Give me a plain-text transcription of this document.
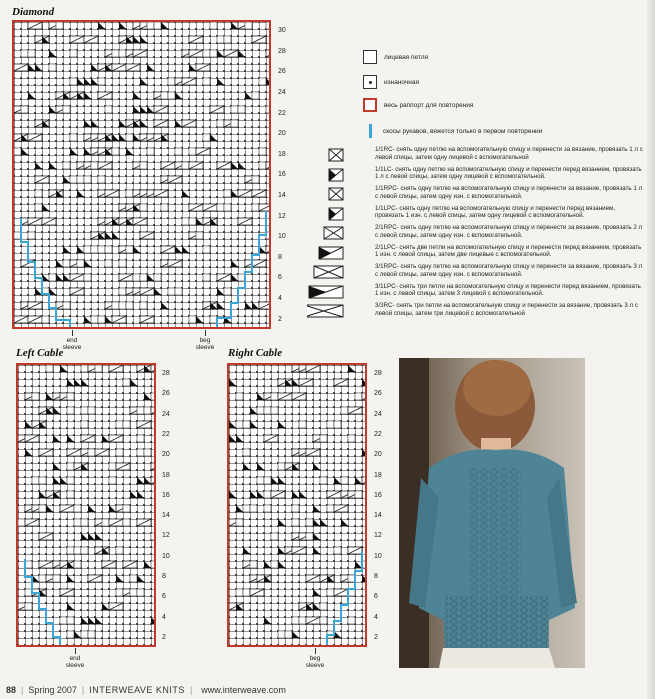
Diamond
30
28
26
24
22
20
18
16
14
12
10
8
6
4
2
end
sleeve
beg
sleeve
Left Cable
28
26
24
22
20
18
16
14
12
10
8
6
4
2
end
sleeve
Right Cable
28
26
24
22
20
18
16
14
12
10
8
6
4
2
beg
sleeve
лицевая петля
изнаночная
весь раппорт для повторения
скосы рукавов, вяжется только в первом повторении
1/1RC- снять одну петлю на вспомогательную спицу и перенести за вязание, провязать 1 л с левой спицы, затем одну лицевой с вспомогательной
1/1LC- снять одну петлю на вспомогательную спицу и перенести перед вязанием, провязать 1 л с левой спицы, затем одну лицевой с вспомогательной.
1/1RPC- снять одну петлю на вспомогательную спицу и перенести за вязание, провязать 1 л с левой спицы, затем одну изн. с вспомогательной.
1/1LPC- снять одну петлю на вспомогательную спицу и перенести перед вязанием, провязать 1 изн. с левой спицы, затем одну лицевой с вспомогательной.
2/1RPC- снять одну петлю на вспомогательную спицу и перенести за вязание, провязать 2 л с левой спицы, затем одну изн. с вспомогательной.
2/1LPC- снять две петли на вспомогательную спицу и перенести перед вязанием, провязать 1 изн. с левой спицы, затем две лицевые с вспомогательной.
3/1RPC- снять одну петлю на вспомогательную спицу и перенести за вязание, провязать 3 л с левой спицы, затем одну изн. с вспомогательной.
3/1LPC- снять три петли на вспомогательную спицу и перенести перед вязанием, провязать 1 изн. с левой спицы, затем 3 лицевой с вспомогательной.
3/3RC- снять три петли на вспомогательную спицу и перенести за вязание, провязать 3 л с левой спицы, затем три лицевой с вспомогательной
88 | Spring 2007 | INTERWEAVE KNITS | www.interweave.com
